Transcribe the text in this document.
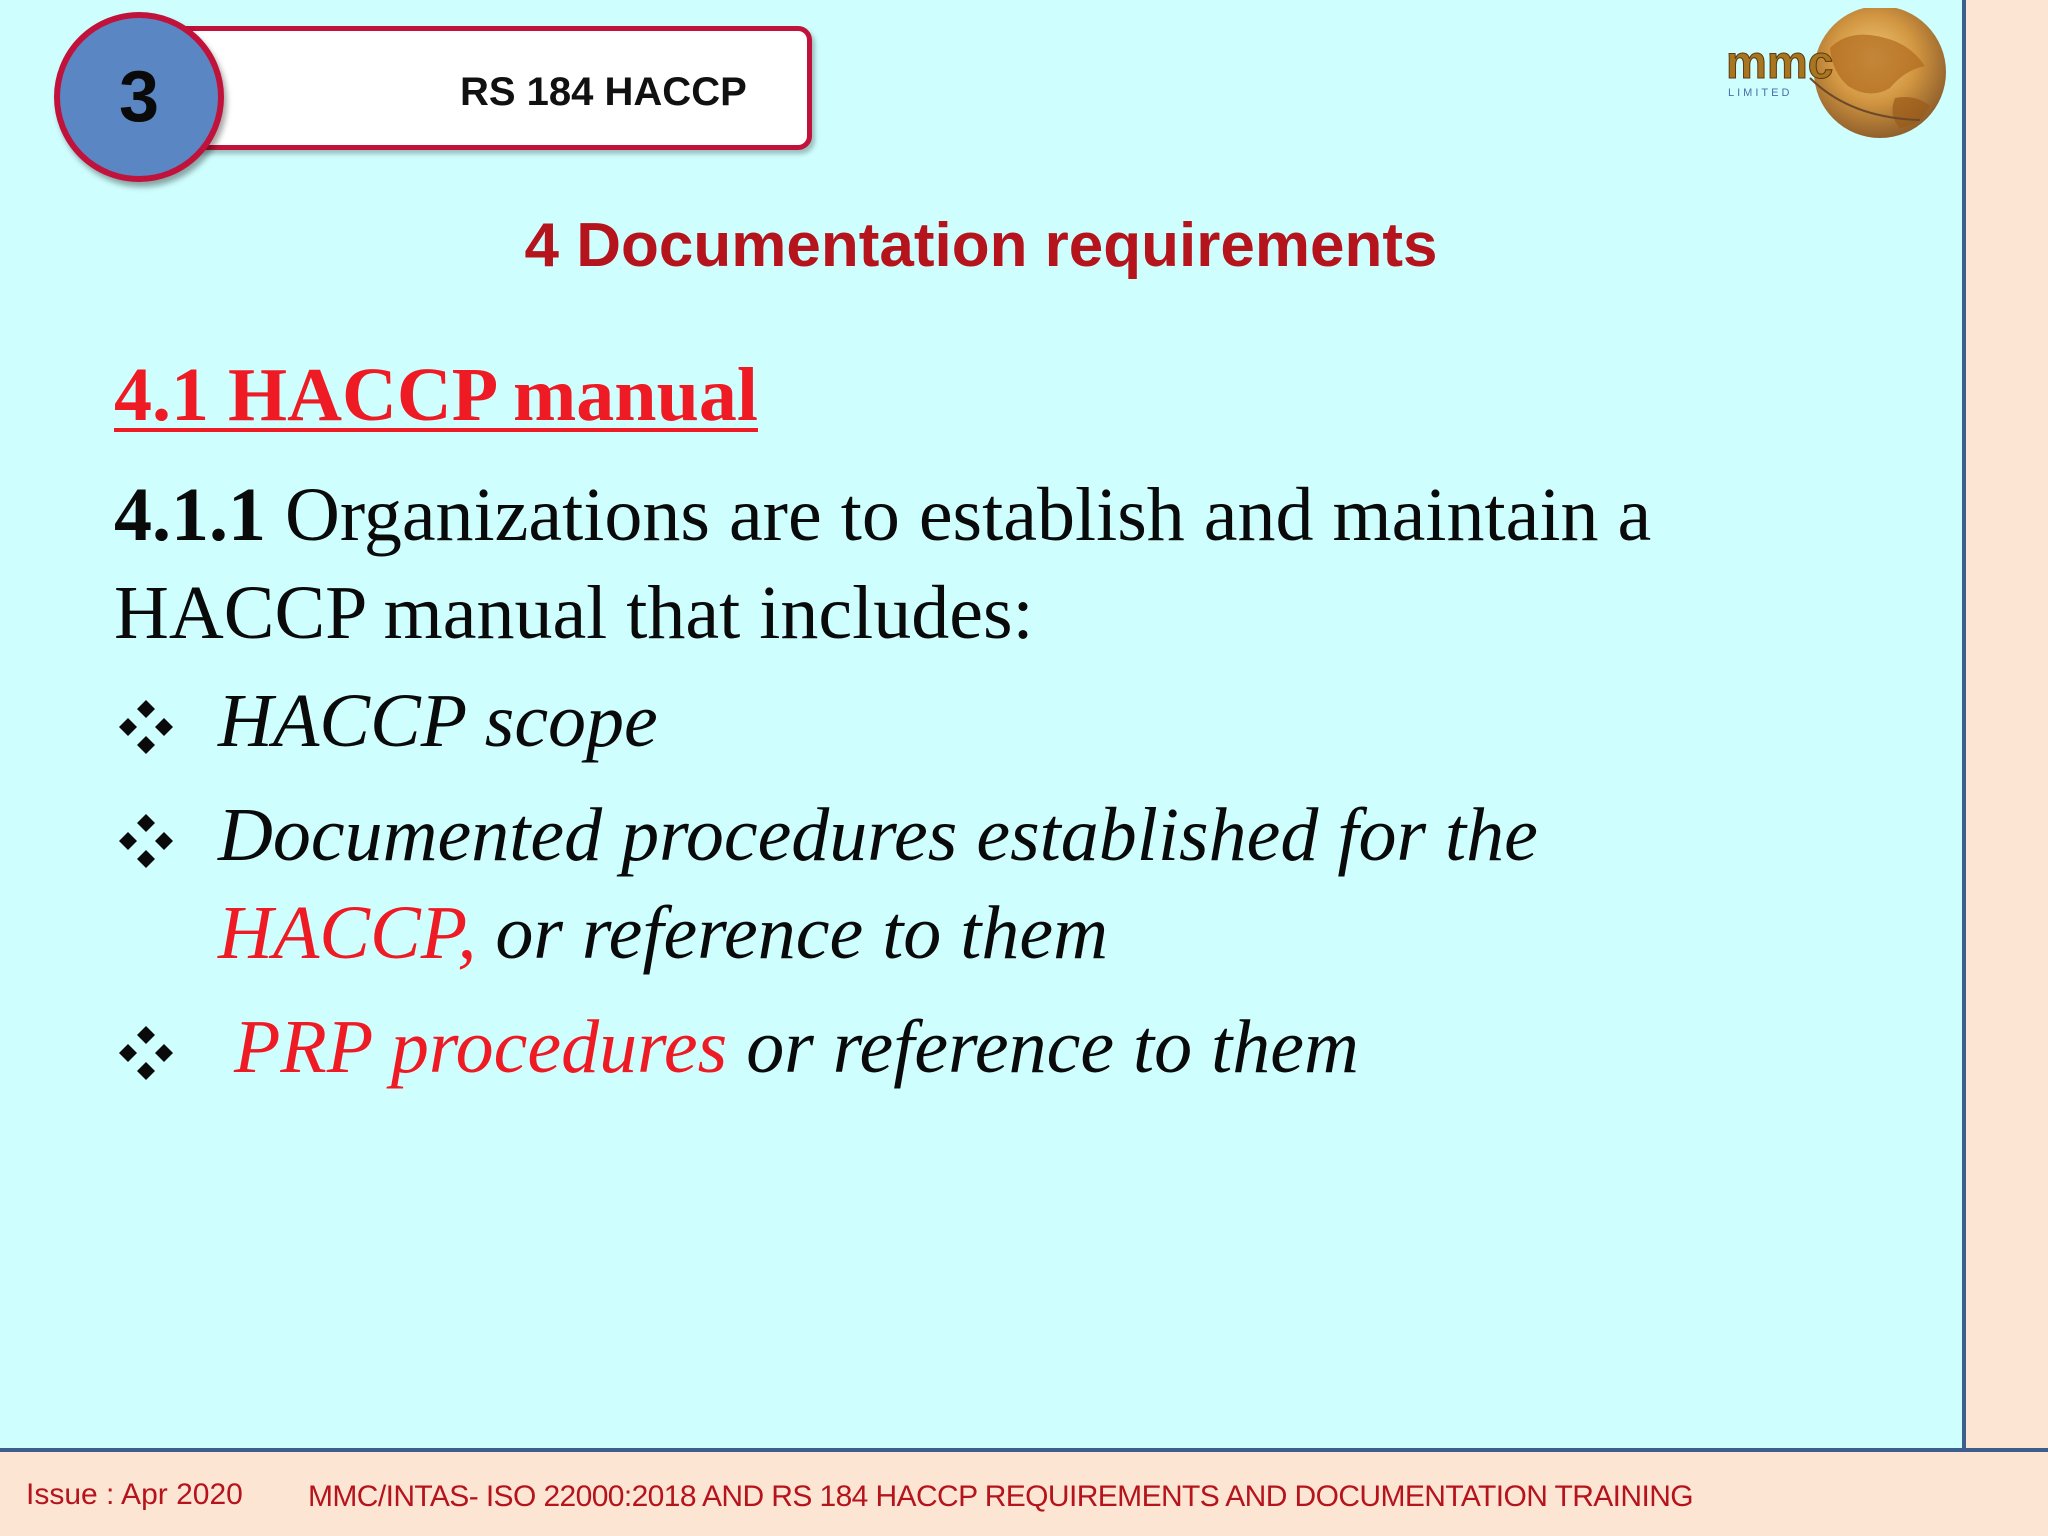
RS 184 HACCP
3	mmc
LIMITED
4 Documentation requirements
4.1 HACCP manual
4.1.1 Organizations are to establish and maintain a HACCP manual that includes:
HACCP scope
Documented procedures established for the
HACCP, or reference to them
PRP procedures or reference to them
Issue : Apr 2020 MMC/INTAS- ISO 22000:2018 AND RS 184 HACCP REQUIREMENTS AND DOCUMENTATION TRAINING
